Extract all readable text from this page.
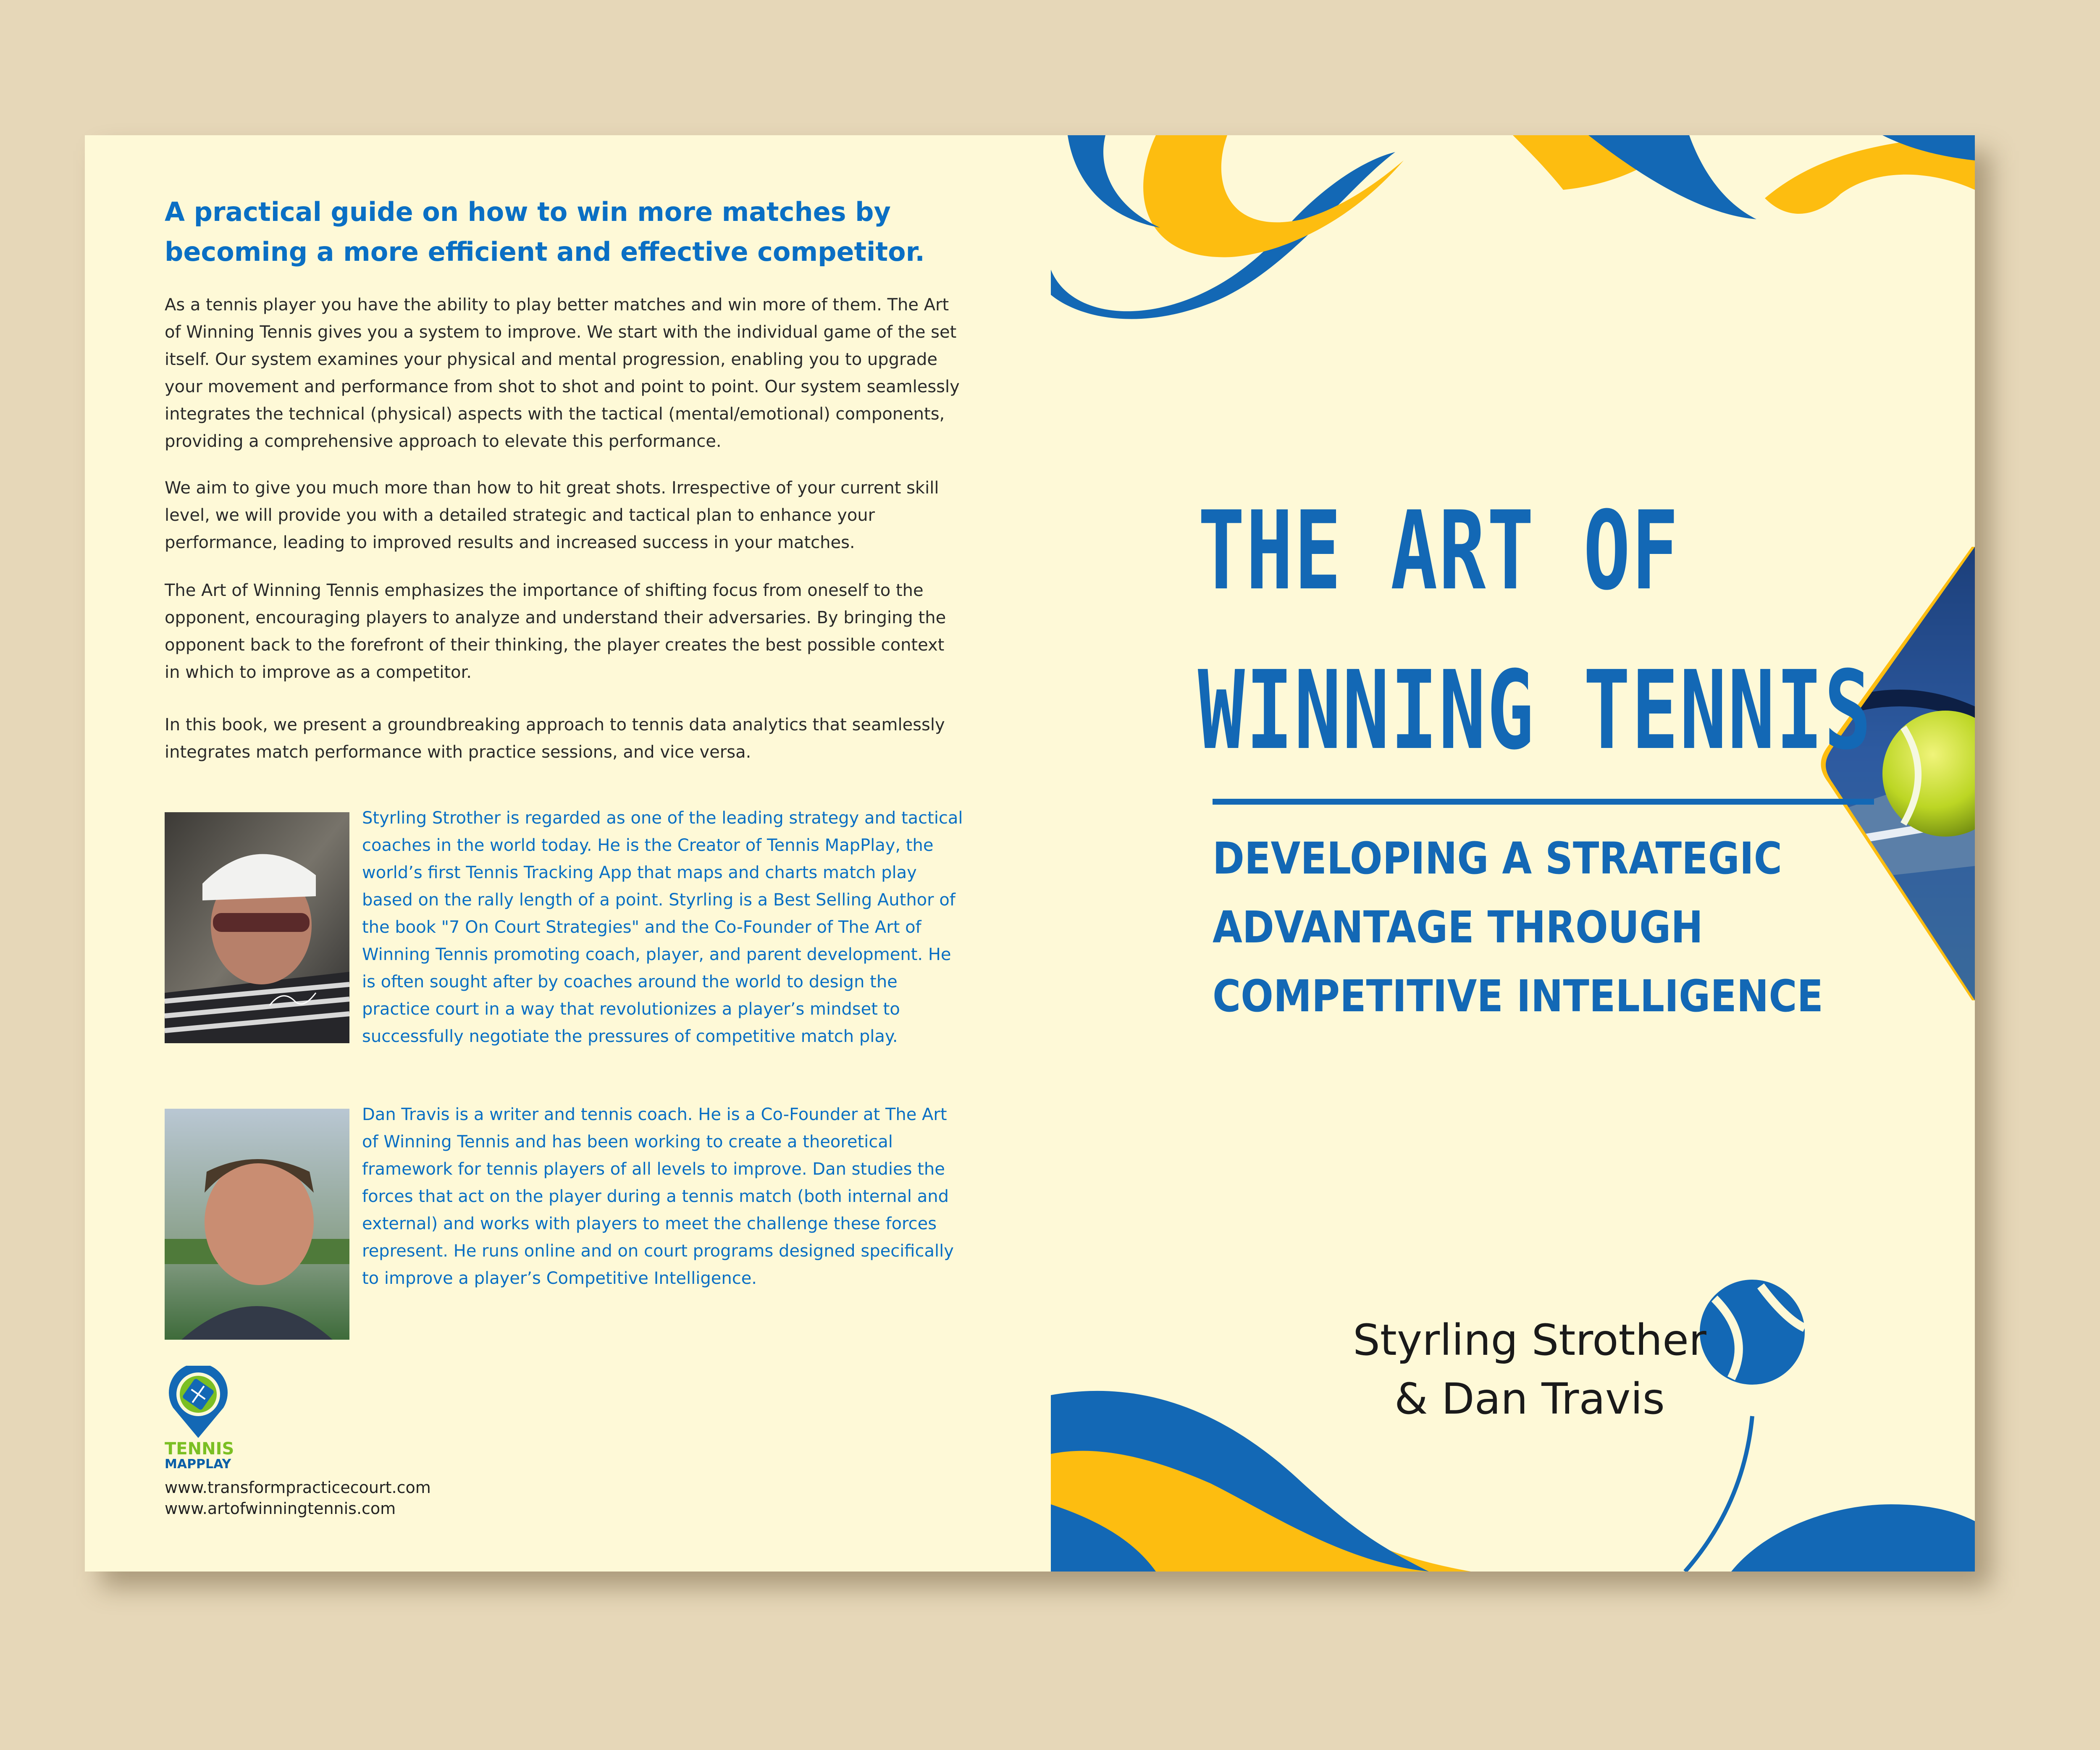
A practical guide on how to win more matches by becoming a more efficient and effective competitor.

As a tennis player you have the ability to play better matches and win more of them. The Art of Winning Tennis gives you a system to improve. We start with the individual game of the set itself. Our system examines your physical and mental progression, enabling you to upgrade your movement and performance from shot to shot and point to point. Our system seamlessly integrates the technical (physical) aspects with the tactical (mental/emotional) components, providing a comprehensive approach to elevate this performance.

We aim to give you much more than how to hit great shots. Irrespective of your current skill level, we will provide you with a detailed strategic and tactical plan to enhance your performance, leading to improved results and increased success in your matches.

The Art of Winning Tennis emphasizes the importance of shifting focus from oneself to the opponent, encouraging players to analyze and understand their adversaries. By bringing the opponent back to the forefront of their thinking, the player creates the best possible context in which to improve as a competitor.

In this book, we present a groundbreaking approach to tennis data analytics that seamlessly integrates match performance with practice sessions, and vice versa.

Styrling Strother is regarded as one of the leading strategy and tactical coaches in the world today. He is the Creator of Tennis MapPlay, the world’s first Tennis Tracking App that maps and charts match play based on the rally length of a point. Styrling is a Best Selling Author of the book "7 On Court Strategies" and the Co-Founder of The Art of Winning Tennis promoting coach, player, and parent development. He is often sought after by coaches around the world to design the practice court in a way that revolutionizes a player’s mindset to successfully negotiate the pressures of competitive match play.

Dan Travis is a writer and tennis coach. He is a Co-Founder at The Art of Winning Tennis and has been working to create a theoretical framework for tennis players of all levels to improve. Dan studies the forces that act on the player during a tennis match (both internal and external) and works with players to meet the challenge these forces represent. He runs online and on court programs designed specifically to improve a player’s Competitive Intelligence.

TENNIS

MAPPLAY

www.transformpracticecourt.com

www.artofwinningtennis.com

THE ART OF
WINNING TENNIS

DEVELOPING A STRATEGIC
ADVANTAGE THROUGH
COMPETITIVE INTELLIGENCE

Styrling Strother

& Dan Travis
